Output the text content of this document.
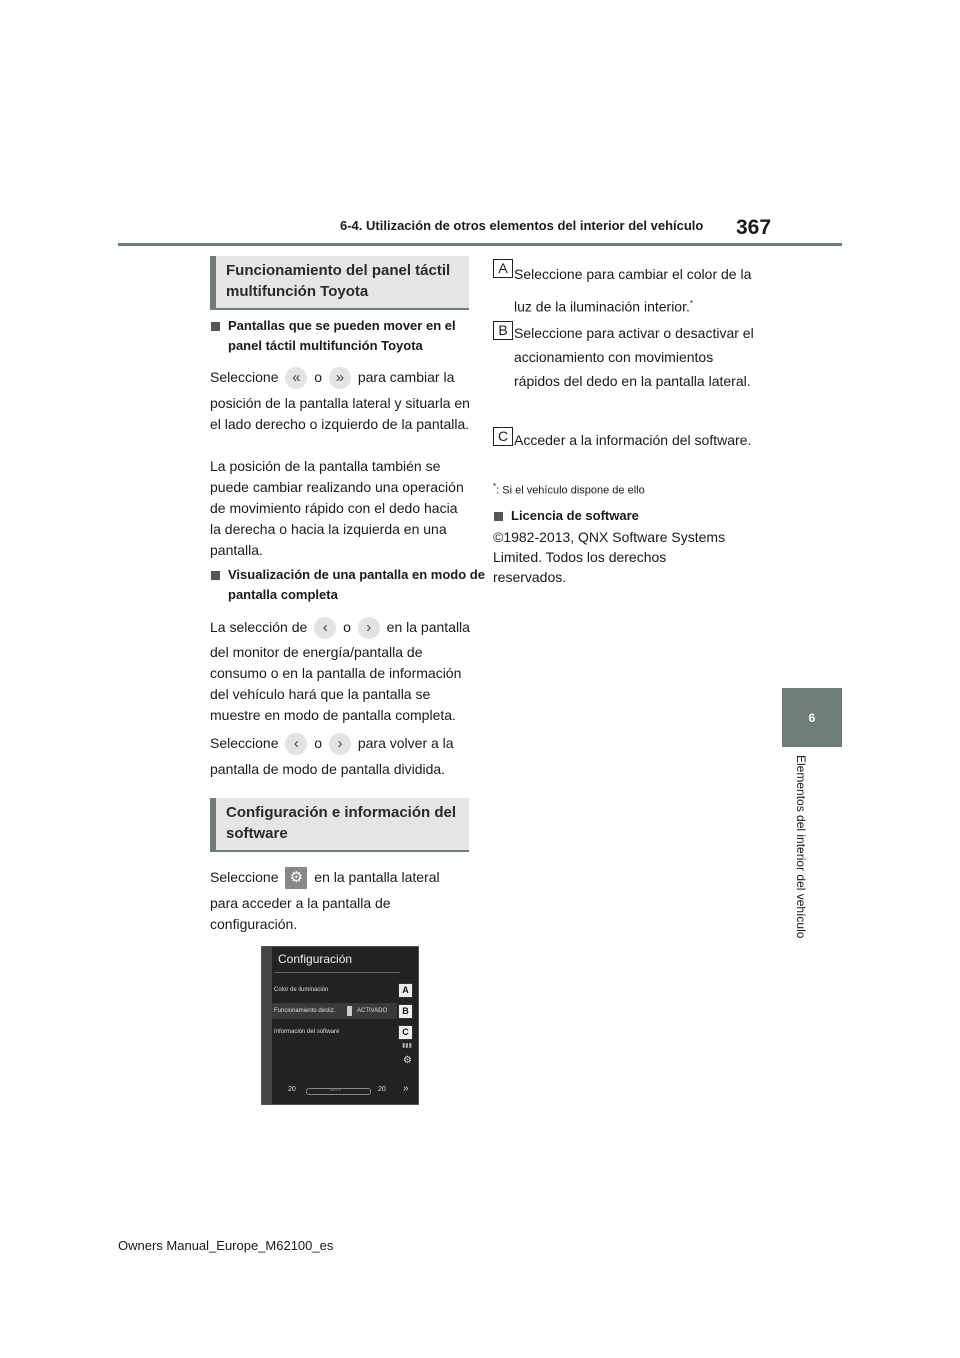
6-4. Utilización de otros elementos del interior del vehículo 367
6
Elementos del interior del vehículo
Funcionamiento del panel táctil multifunción Toyota
Pantallas que se pueden mover en el panel táctil multifunción Toyota
Seleccione « o » para cambiar la
posición de la pantalla lateral y situarla en el lado derecho o izquierdo de la pantalla.
La posición de la pantalla también se puede cambiar realizando una operación de movimiento rápido con el dedo hacia la derecha o hacia la izquierda en una pantalla.
Visualización de una pantalla en modo de pantalla completa
La selección de ‹ o › en la pantalla
del monitor de energía/pantalla de consumo o en la pantalla de información del vehículo hará que la pantalla se muestre en modo de pantalla completa.
Seleccione ‹ o › para volver a la
pantalla de modo de pantalla dividida.
Configuración e información del software
Seleccione ⚙ en la pantalla lateral
para acceder a la pantalla de configuración.
Configuración
Color de iluminación
Funcionamiento desliz.	ACTIVADO
Información del software
A
B
C
▮▮▮
⚙
20	AUTO	20 »
A Seleccione para cambiar el color de la luz de la iluminación interior.*
B Seleccione para activar o desactivar el accionamiento con movimientos rápidos del dedo en la pantalla lateral.
C Acceder a la información del software.
*: Si el vehículo dispone de ello
Licencia de software
©1982-2013, QNX Software Systems Limited. Todos los derechos reservados.
Owners Manual_Europe_M62100_es
